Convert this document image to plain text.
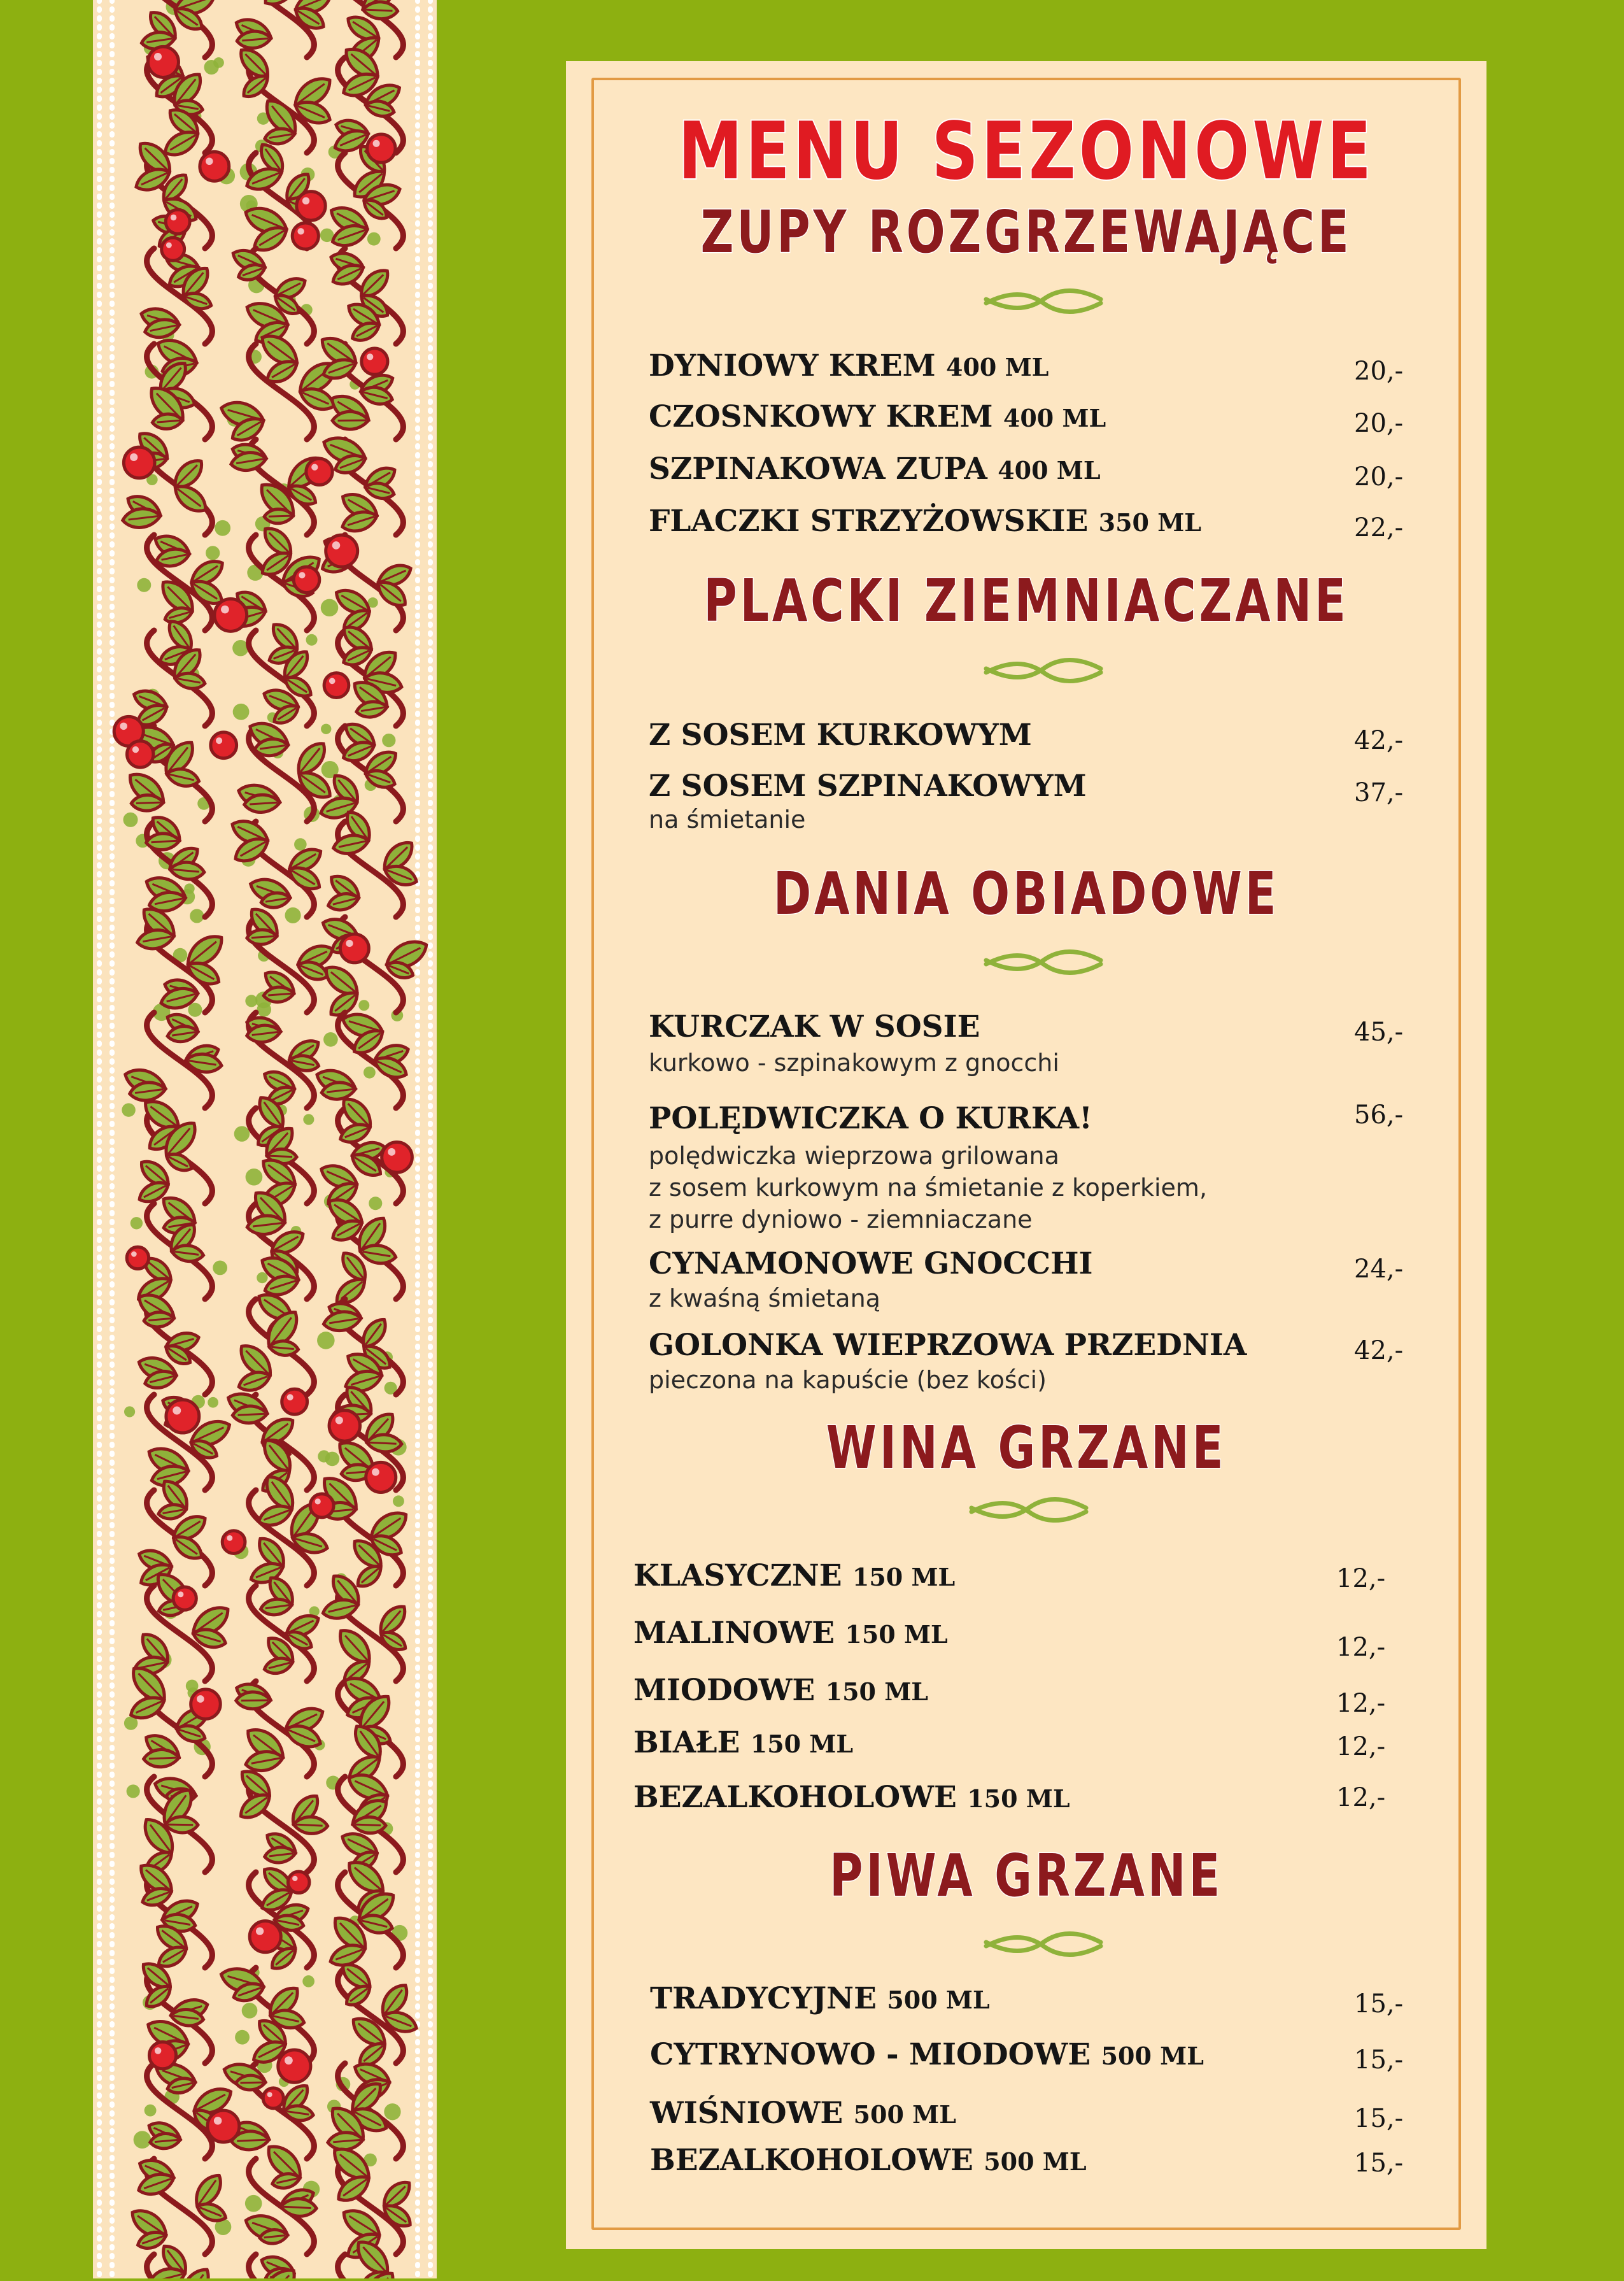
MENU SEZONOWE
ZUPY ROZGRZEWAJĄCE
DYNIOWY KREM 400 ML	20,-
CZOSNKOWY KREM 400 ML	20,-
SZPINAKOWA ZUPA 400 ML	20,-
FLACZKI STRZYŻOWSKIE 350 ML	22,-
PLACKI ZIEMNIACZANE
Z SOSEM KURKOWYM	42,-
Z SOSEM SZPINAKOWYM	37,-
na śmietanie
DANIA OBIADOWE
KURCZAK W SOSIE	45,-
kurkowo - szpinakowym z gnocchi
POLĘDWICZKA O KURKA!	56,-
polędwiczka wieprzowa grilowana
z sosem kurkowym na śmietanie z koperkiem,
z purre dyniowo - ziemniaczane
CYNAMONOWE GNOCCHI	24,-
z kwaśną śmietaną
GOLONKA WIEPRZOWA PRZEDNIA	42,-
pieczona na kapuście (bez kości)
WINA GRZANE
KLASYCZNE 150 ML	12,-
MALINOWE 150 ML	12,-
MIODOWE 150 ML	12,-
BIAŁE 150 ML	12,-
BEZALKOHOLOWE 150 ML	12,-
PIWA GRZANE
TRADYCYJNE 500 ML	15,-
CYTRYNOWO - MIODOWE 500 ML	15,-
WIŚNIOWE 500 ML	15,-
BEZALKOHOLOWE 500 ML	15,-
